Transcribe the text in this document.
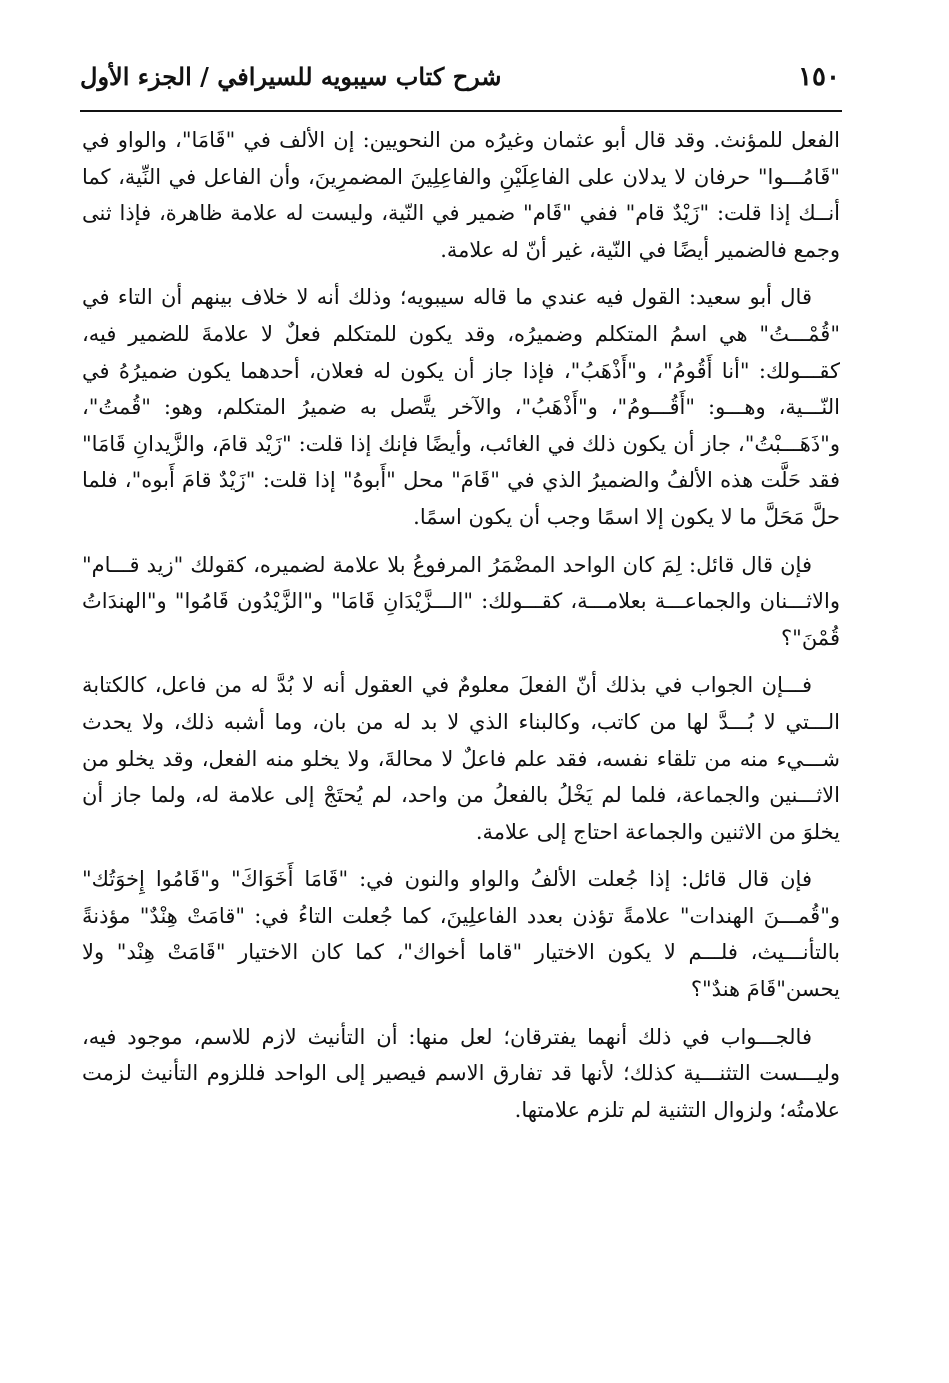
١٥٠
شرح كتاب سيبويه للسيرافي / الجزء الأول

الفعل للمؤنث. وقد قال أبو عثمان وغيرُه من النحويين: إن الألف في "قَامَا"، والواو في "قَامُـــوا" حرفان لا يدلان على الفاعِلَيْنِ والفاعِلِينَ المضمرِينَ، وأن الفاعل في النِّية، كما أنــك إذا قلت: "زَيْدٌ قام" ففي "قَام" ضمير في النّية، وليست له علامة ظاهرة، فإذا ثنى وجمع فالضمير أيضًا في النّية، غير أنّ له علامة.

قال أبو سعيد: القول فيه عندي ما قاله سيبويه؛ وذلك أنه لا خلاف بينهم أن التاء في "قُمْـــتُ" هي اسمُ المتكلم وضميرُه، وقد يكون للمتكلم فعلٌ لا علامةَ للضمير فيه، كقـــولك: "أنا أَقُومُ"، و"أَذْهَبُ"، فإذا جاز أن يكون له فعلان، أحدهما يكون ضميرُهُ في النّـــية، وهـــو: "أَقُـــومُ"، و"أَذْهَبُ"، والآخر يتَّصل به ضميرُ المتكلم، وهو: "قُمتُ"، و"ذَهَـــبْتُ"، جاز أن يكون ذلك في الغائب، وأيضًا فإنك إذا قلت: "زَيْد قامَ، والزَّيدانِ قَامَا" فقد حَلَّت هذه الألفُ والضميرُ الذي في "قَامَ" محل "أَبوهُ" إذا قلت: "زَيْدٌ قامَ أَبوه"، فلما حلَّ مَحَلَّ ما لا يكون إلا اسمًا وجب أن يكون اسمًا.

فإن قال قائل: لِمَ كان الواحد المضْمَرُ المرفوعُ بلا علامة لضميره، كقولك "زيد قـــام" والاثـــنان والجماعـــة بعلامـــة، كقـــولك: "الـــزَّيْدَانِ قَامَا" و"الزَّيْدُون قَامُوا" و"الهندَاتُ قُمْنَ"؟

فـــإن الجواب في بذلك أنّ الفعلَ معلومٌ في العقول أنه لا بُدَّ له من فاعل، كالكتابة الـــتي لا بُـــدَّ لها من كاتب، وكالبناء الذي لا بد له من بان، وما أشبه ذلك، ولا يحدث شـــيء منه من تلقاء نفسه، فقد علم فاعلٌ لا محالةَ، ولا يخلو منه الفعل، وقد يخلو من الاثـــنين والجماعة، فلما لم يَخْلُ بالفعلُ من واحد، لم يُحتَجْ إلى علامة له، ولما جاز أن يخلوَ من الاثنين والجماعة احتاج إلى علامة.

فإن قال قائل: إذا جُعلت الألفُ والواو والنون في: "قَامَا أَخَوَاكَ" و"قَامُوا إِخوَتُك" و"قُمـــنَ الهندات" علامةً تؤذن بعدد الفاعلِينَ، كما جُعلت التاءُ في: "قامَتْ هِنْدٌ" مؤذنةً بالتأنـــيث، فلـــم لا يكون الاختيار "قاما أخواك"، كما كان الاختيار "قَامَتْ هِنْد" ولا يحسن"قَامَ هندٌ"؟

فالجـــواب في ذلك أنهما يفترقان؛ لعل منها: أن التأنيث لازم للاسم، موجود فيه، وليـــست التثنـــية كذلك؛ لأنها قد تفارق الاسم فيصير إلى الواحد فللزوم التأنيث لزمت علامتُه؛ ولزوال التثنية لم تلزم علامتها.
